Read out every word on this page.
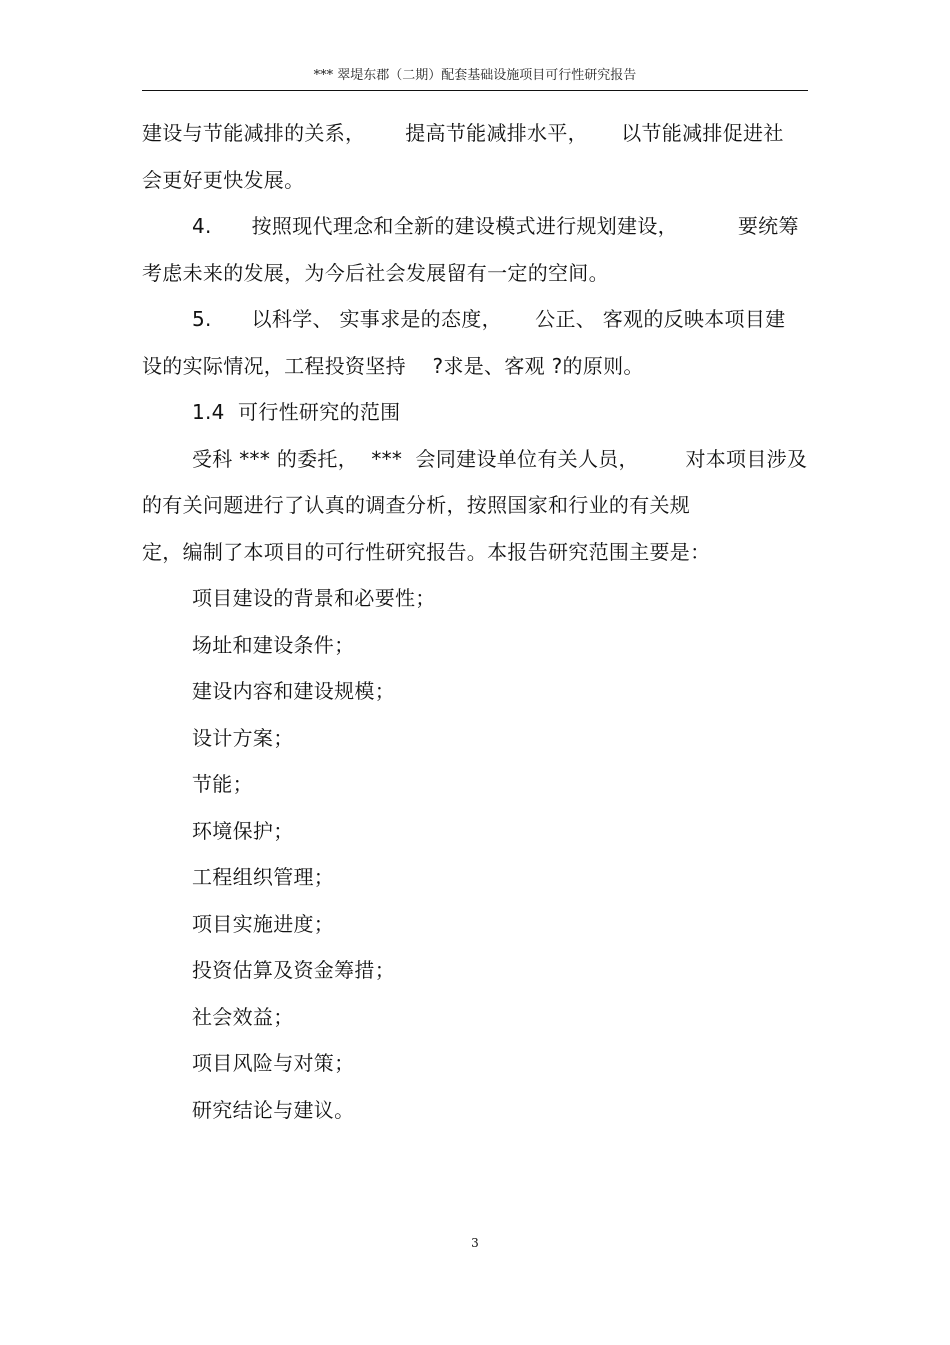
*** 翠堤东郡（二期）配套基础设施项目可行性研究报告
建设与节能减排的关系，      提高节能减排水平，     以节能减排促进社
会更好更快发展。
4.      按照现代理念和全新的建设模式进行规划建设，         要统筹
考虑未来的发展，为今后社会发展留有一定的空间。
5.      以科学、 实事求是的态度，     公正、 客观的反映本项目建
设的实际情况，工程投资坚持    ?求是、客观 ?的原则。
1.4  可行性研究的范围
受科 *** 的委托，  ***  会同建设单位有关人员，       对本项目涉及
的有关问题进行了认真的调查分析，按照国家和行业的有关规
定，编制了本项目的可行性研究报告。本报告研究范围主要是：
项目建设的背景和必要性；
场址和建设条件；
建设内容和建设规模；
设计方案；
节能；
环境保护；
工程组织管理；
项目实施进度；
投资估算及资金筹措；
社会效益；
项目风险与对策；
研究结论与建议。
3
